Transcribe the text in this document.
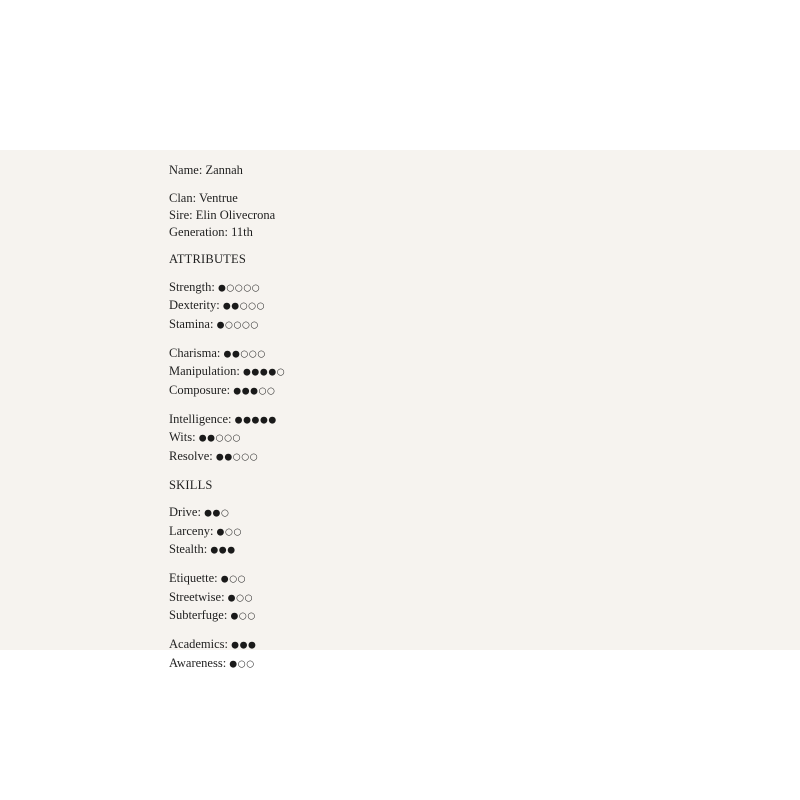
Name: Zannah
Clan: Ventrue
Sire: Elin Olivecrona
Generation: 11th
ATTRIBUTES
Strength: ●○○○○
Dexterity: ●●○○○
Stamina: ●○○○○
Charisma: ●●○○○
Manipulation: ●●●●○
Composure: ●●●○○
Intelligence: ●●●●●
Wits: ●●○○○
Resolve: ●●○○○
SKILLS
Drive: ●●○
Larceny: ●○○
Stealth: ●●●
Etiquette: ●○○
Streetwise: ●○○
Subterfuge: ●○○
Academics: ●●●
Awareness: ●○○
